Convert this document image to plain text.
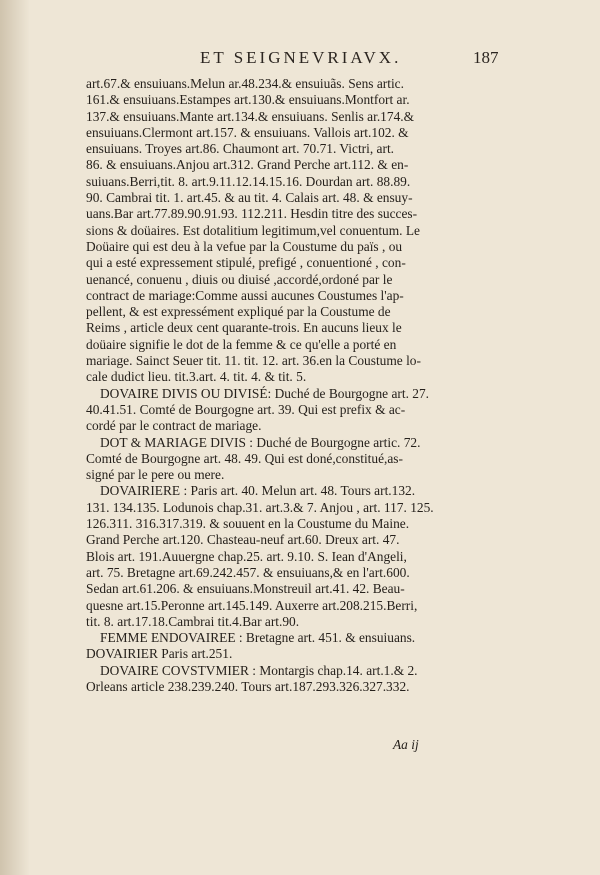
ET SEIGNEVRIAVX.	187
art.67.& ensuiuans.Melun ar.48.234.& ensuiuãs. Sens artic.
161.& ensuiuans.Estampes art.130.& ensuiuans.Montfort ar.
137.& ensuiuans.Mante art.134.& ensuiuans. Senlis ar.174.&
ensuiuans.Clermont art.157. & ensuiuans. Vallois art.102. &
ensuiuans. Troyes art.86. Chaumont art. 70.71. Victri, art.
86. & ensuiuans.Anjou art.312. Grand Perche art.112. & en-
suiuans.Berri,tit. 8. art.9.11.12.14.15.16. Dourdan art. 88.89.
90. Cambrai tit. 1. art.45. & au tit. 4. Calais art. 48. & ensuy-
uans.Bar art.77.89.90.91.93. 112.211. Hesdin titre des succes-
sions & doüaires. Est dotalitium legitimum,vel conuentum. Le
Doüaire qui est deu à la vefue par la Coustume du païs , ou
qui a esté expressement stipulé, prefigé , conuentioné , con-
uenancé, conuenu , diuis ou diuisé ,accordé,ordoné par le
contract de mariage:Comme aussi aucunes Coustumes l'ap-
pellent, & est expressément expliqué par la Coustume de
Reims , article deux cent quarante-trois. En aucuns lieux le
doüaire signifie le dot de la femme & ce qu'elle a porté en
mariage. Sainct Seuer tit. 11. tit. 12. art. 36.en la Coustume lo-
cale dudict lieu. tit.3.art. 4. tit. 4. & tit. 5.
DOVAIRE DIVIS OU DIVISÉ: Duché de Bourgogne art. 27.
40.41.51. Comté de Bourgogne art. 39. Qui est prefix & ac-
cordé par le contract de mariage.
DOT & MARIAGE DIVIS : Duché de Bourgogne artic. 72.
Comté de Bourgogne art. 48. 49. Qui est doné,constitué,as-
signé par le pere ou mere.
DOVAIRIERE : Paris art. 40. Melun art. 48. Tours art.132.
131. 134.135. Lodunois chap.31. art.3.& 7. Anjou , art. 117. 125.
126.311. 316.317.319. & souuent en la Coustume du Maine.
Grand Perche art.120. Chasteau-neuf art.60. Dreux art. 47.
Blois art. 191.Auuergne chap.25. art. 9.10. S. Iean d'Angeli,
art. 75. Bretagne art.69.242.457. & ensuiuans,& en l'art.600.
Sedan art.61.206. & ensuiuans.Monstreuil art.41. 42. Beau-
quesne art.15.Peronne art.145.149. Auxerre art.208.215.Berri,
tit. 8. art.17.18.Cambrai tit.4.Bar art.90.
FEMME ENDOVAIREE : Bretagne art. 451. & ensuiuans.
DOVAIRIER Paris art.251.
DOVAIRE COVSTVMIER : Montargis chap.14. art.1.& 2.
Orleans article 238.239.240. Tours art.187.293.326.327.332.
Aa ij
